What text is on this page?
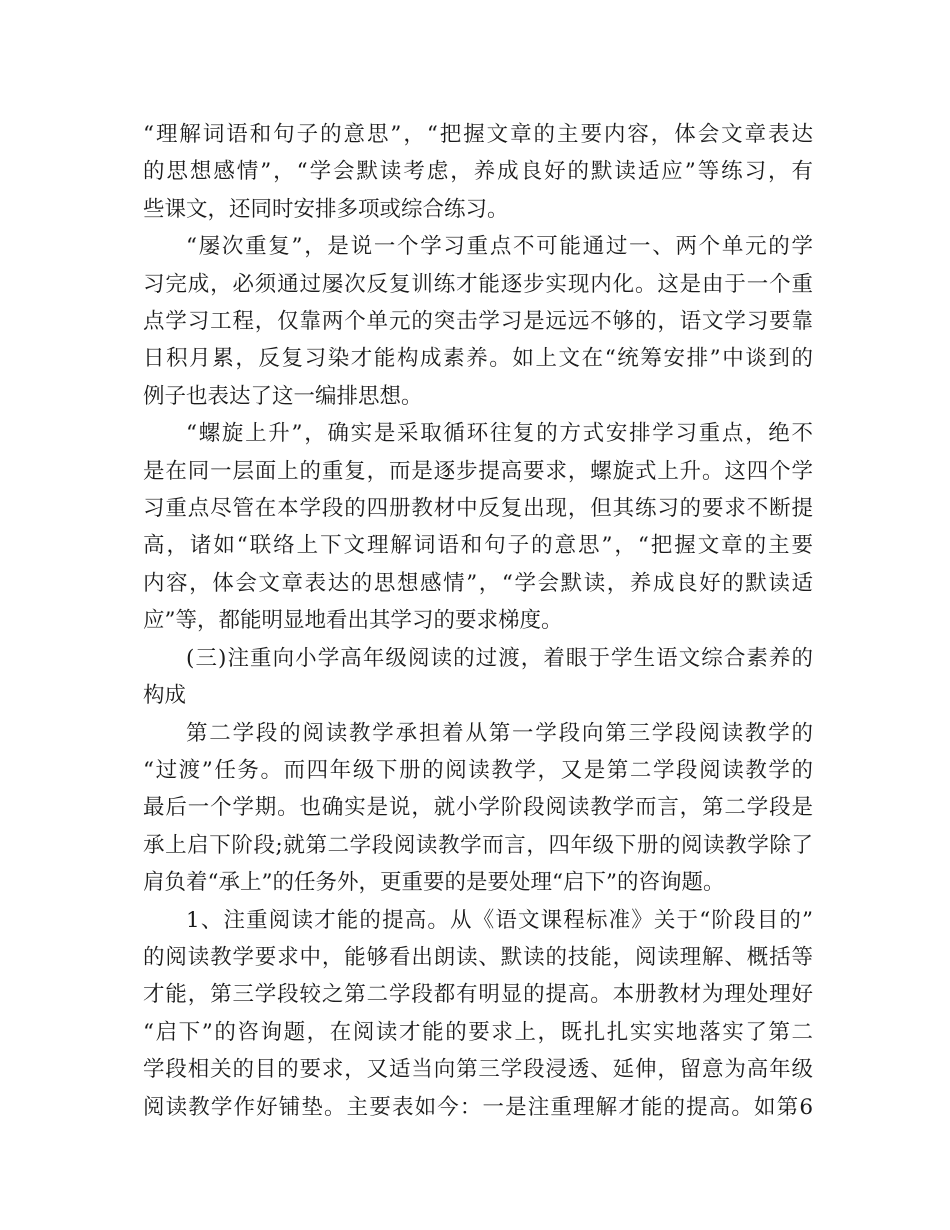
“理解词语和句子的意思”，“把握文章的主要内容，体会文章表达
的思想感情”，“学会默读考虑，养成良好的默读适应”等练习，有
些课文，还同时安排多项或综合练习。
“屡次重复”，是说一个学习重点不可能通过一、两个单元的学
习完成，必须通过屡次反复训练才能逐步实现内化。这是由于一个重
点学习工程，仅靠两个单元的突击学习是远远不够的，语文学习要靠
日积月累，反复习染才能构成素养。如上文在“统筹安排”中谈到的
例子也表达了这一编排思想。
“螺旋上升”，确实是采取循环往复的方式安排学习重点，绝不
是在同一层面上的重复，而是逐步提高要求，螺旋式上升。这四个学
习重点尽管在本学段的四册教材中反复出现，但其练习的要求不断提
高，诸如“联络上下文理解词语和句子的意思”，“把握文章的主要
内容，体会文章表达的思想感情”，“学会默读，养成良好的默读适
应”等，都能明显地看出其学习的要求梯度。
(三)注重向小学高年级阅读的过渡，着眼于学生语文综合素养的
构成
第二学段的阅读教学承担着从第一学段向第三学段阅读教学的
“过渡”任务。而四年级下册的阅读教学，又是第二学段阅读教学的
最后一个学期。也确实是说，就小学阶段阅读教学而言，第二学段是
承上启下阶段;就第二学段阅读教学而言，四年级下册的阅读教学除了
肩负着“承上”的任务外，更重要的是要处理“启下”的咨询题。
1、注重阅读才能的提高。从《语文课程标准》关于“阶段目的”
的阅读教学要求中，能够看出朗读、默读的技能，阅读理解、概括等
才能，第三学段较之第二学段都有明显的提高。本册教材为理处理好
“启下”的咨询题，在阅读才能的要求上，既扎扎实实地落实了第二
学段相关的目的要求，又适当向第三学段浸透、延伸，留意为高年级
阅读教学作好铺垫。主要表如今：一是注重理解才能的提高。如第6
